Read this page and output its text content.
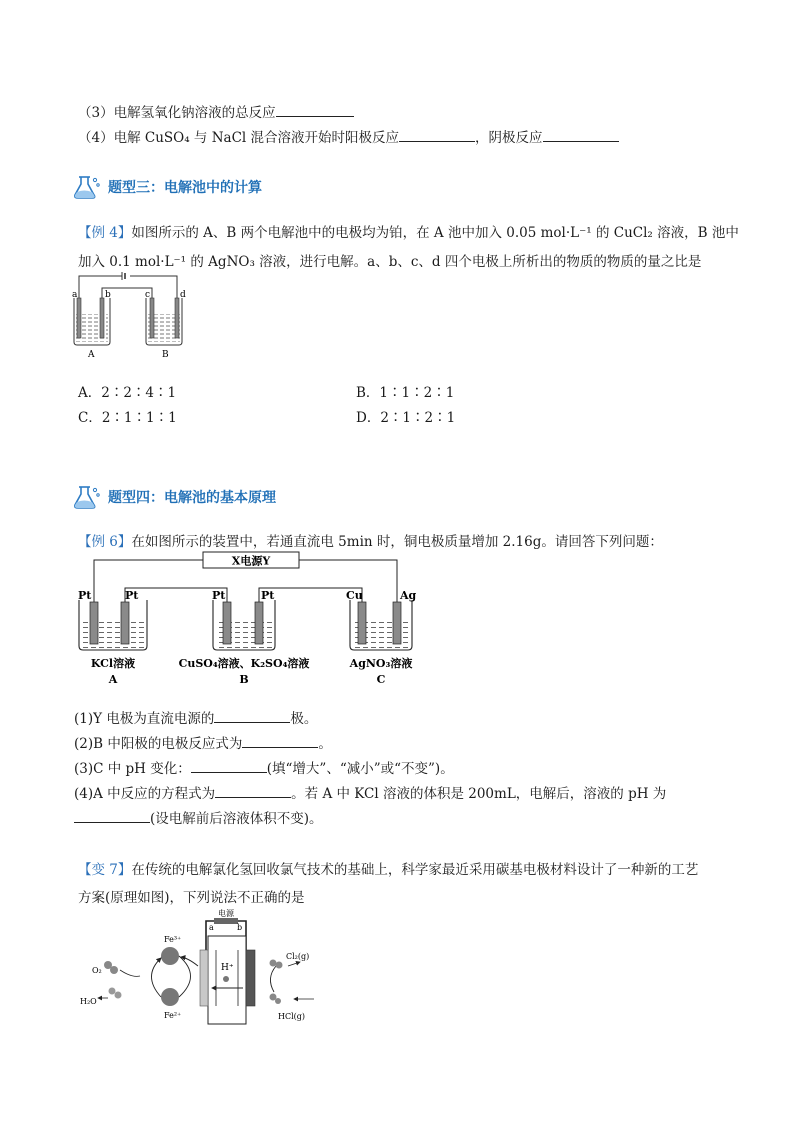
（3）电解氢氧化钠溶液的总反应
（4）电解 CuSO₄ 与 NaCl 混合溶液开始时阳极反应	，阴极反应
题型三：电解池中的计算
【例 4】如图所示的 A、B 两个电解池中的电极均为铂，在 A 池中加入 0.05 mol·L⁻¹ 的 CuCl₂ 溶液，B 池中
加入 0.1 mol·L⁻¹ 的 AgNO₃ 溶液，进行电解。a、b、c、d 四个电极上所析出的物质的物质的量之比是
a	b	c	d
A	B
A．2∶2∶4∶1	B．1∶1∶2∶1
C．2∶1∶1∶1	D．2∶1∶2∶1
题型四：电解池的基本原理
【例 6】在如图所示的装置中，若通直流电 5min 时，铜电极质量增加 2.16g。请回答下列问题：
X电源Y
Pt	Pt	Pt	Pt	Cu	Ag
KCl溶液	CuSO₄溶液、K₂SO₄溶液	AgNO₃溶液
A	B	C
(1)Y 电极为直流电源的	极。
(2)B 中阳极的电极反应式为	。
(3)C 中 pH 变化：	(填“增大”、“减小”或“不变”)。
(4)A 中反应的方程式为	。若 A 中 KCl 溶液的体积是 200mL，电解后，溶液的 pH 为
(设电解前后溶液体积不变)。
【变 7】在传统的电解氯化氢回收氯气技术的基础上，科学家最近采用碳基电极材料设计了一种新的工艺
方案(原理如图)，下列说法不正确的是
电源
a	b
H⁺
Fe³⁺
Fe²⁺
O₂
H₂O
Cl₂(g)
HCl(g)
